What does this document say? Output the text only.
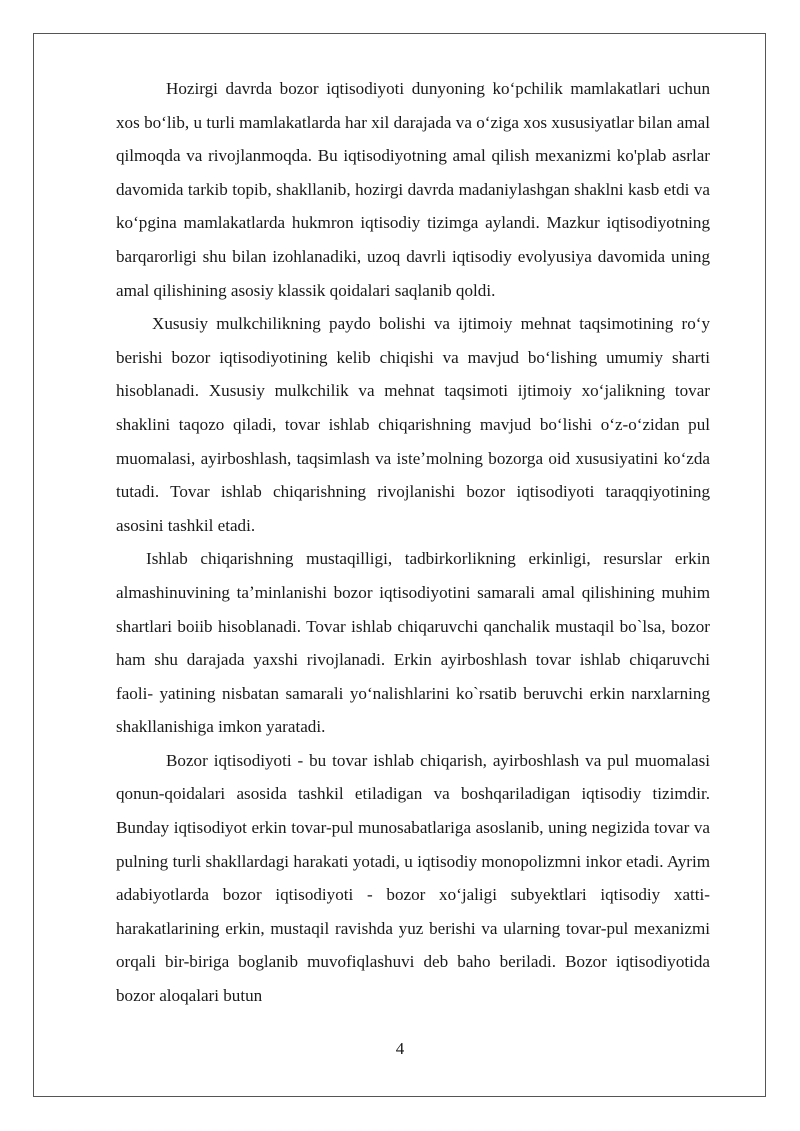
Hozirgi davrda bozor iqtisodiyoti dunyoning koʻpchilik mamlakatlari uchun xos boʻlib, u turli mamlakatlarda har xil darajada va oʻziga xos xususiyatlar bilan amal qilmoqda va rivojlanmoqda. Bu iqtisodiyotning amal qilish mexanizmi ko'plab asrlar davomida tarkib topib, shakllanib, hozirgi davrda madaniylashgan shaklni kasb etdi va koʻpgina mamlakatlarda hukmron iqtisodiy tizimga aylandi. Mazkur iqtisodiyotning barqarorligi shu bilan izohlanadiki, uzoq davrli iqtisodiy evolyusiya davomida uning amal qilishining asosiy klassik qoidalari saqlanib qoldi.

Xususiy mulkchilikning paydo bolishi va ijtimoiy mehnat taqsimotining roʻy berishi bozor iqtisodiyotining kelib chiqishi va mavjud boʻlishing umumiy sharti hisoblanadi. Xususiy mulkchilik va mehnat taqsimoti ijtimoiy xoʻjalikning tovar shaklini taqozo qiladi, tovar ishlab chiqarishning mavjud boʻlishi oʻz-oʻzidan pul muomalasi, ayirboshlash, taqsimlash va isteʼmolning bozorga oid xususiyatini koʻzda tutadi. Tovar ishlab chiqarishning rivojlanishi bozor iqtisodiyoti taraqqiyotining asosini tashkil etadi.

Ishlab chiqarishning mustaqilligi, tadbirkorlikning erkinligi, resurslar erkin almashinuvining taʼminlanishi bozor iqtisodiyotini samarali amal qilishining muhim shartlari boiib hisoblanadi. Tovar ishlab chiqaruvchi qanchalik mustaqil bo`lsa, bozor ham shu darajada yaxshi rivojlanadi. Erkin ayirboshlash tovar ishlab chiqaruvchi faoli- yatining nisbatan samarali yoʻnalishlarini ko`rsatib beruvchi erkin narxlarning shakllanishiga imkon yaratadi.

Bozor iqtisodiyoti - bu tovar ishlab chiqarish, ayirboshlash va pul muomalasi qonun-qoidalari asosida tashkil etiladigan va boshqariladigan iqtisodiy tizimdir. Bunday iqtisodiyot erkin tovar-pul munosabatlariga asoslanib, uning negizida tovar va pulning turli shakllardagi harakati yotadi, u iqtisodiy monopolizmni inkor etadi. Ayrim adabiyotlarda bozor iqtisodiyoti - bozor xoʻjaligi subyektlari iqtisodiy xatti-harakatlarining erkin, mustaqil ravishda yuz berishi va ularning tovar-pul mexanizmi orqali bir-biriga boglanib muvofiqlashuvi deb baho beriladi. Bozor iqtisodiyotida bozor aloqalari butun

4
